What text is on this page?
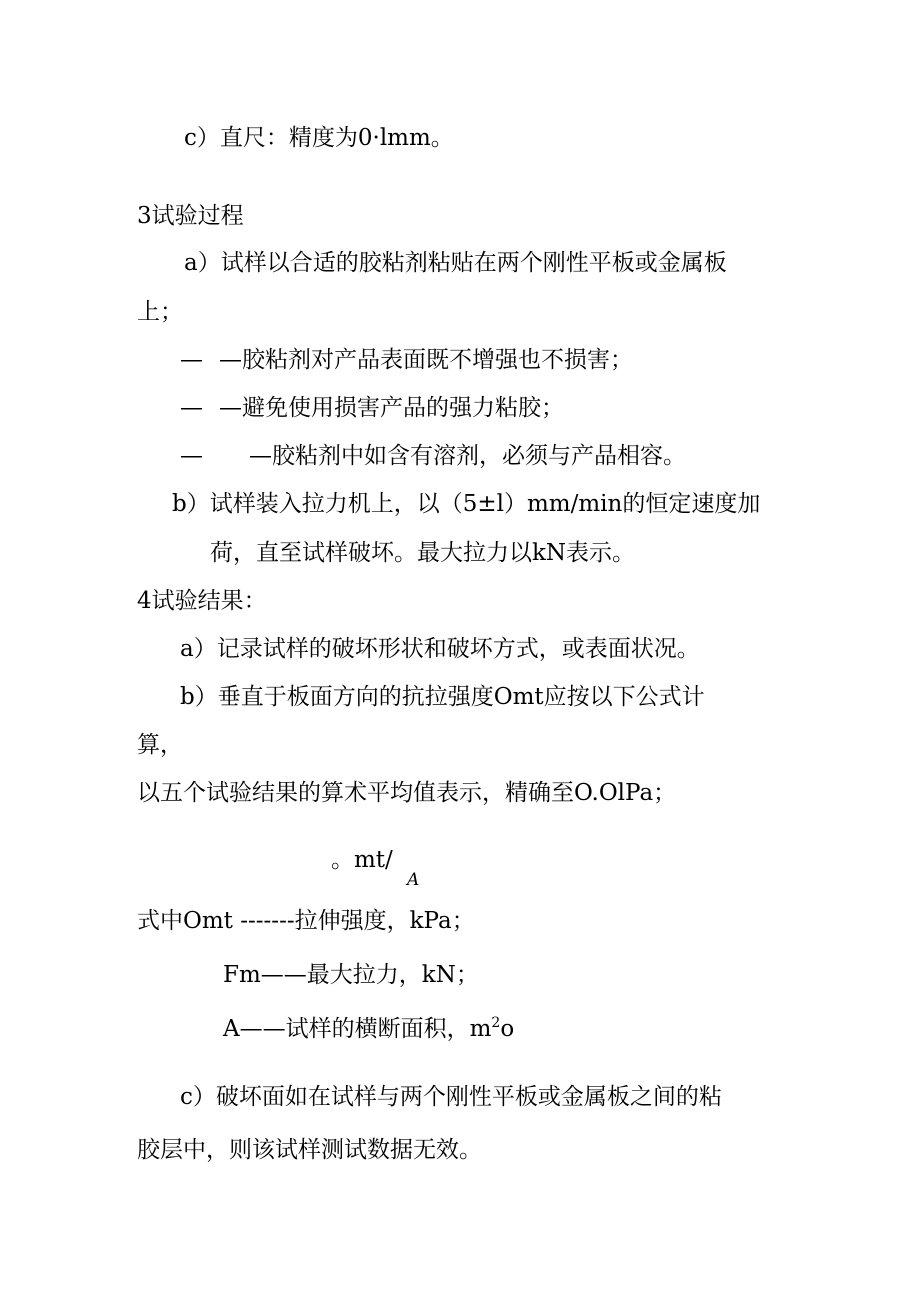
c）直尺：精度为0·lmm。

3试验过程

a）试样以合适的胶粘剂粘贴在两个刚性平板或金属板

上；

— —胶粘剂对产品表面既不增强也不损害；

— —避免使用损害产品的强力粘胶；

— —胶粘剂中如含有溶剂，必须与产品相容。

b）试样装入拉力机上，以（5±l）mm/min的恒定速度加

荷，直至试样破坏。最大拉力以kN表示。

4试验结果：

a）记录试样的破坏形状和破坏方式，或表面状况。

b）垂直于板面方向的抗拉强度Omt应按以下公式计

算，

以五个试验结果的算术平均值表示，精确至O.OlPa；

。mt/

A

式中Omt -------拉伸强度，kPa；

Fm——最大拉力，kN；

A——试样的横断面积，$m^2o$

c）破坏面如在试样与两个刚性平板或金属板之间的粘

胶层中，则该试样测试数据无效。
